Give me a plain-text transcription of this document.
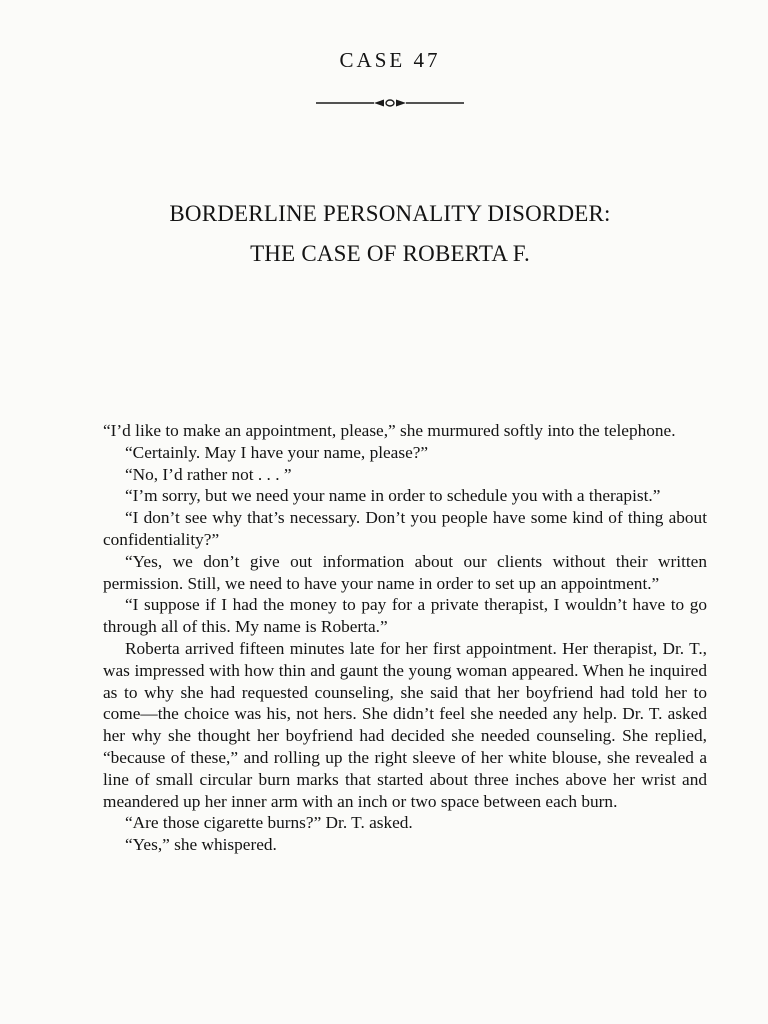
CASE 47
BORDERLINE PERSONALITY DISORDER:
THE CASE OF ROBERTA F.

“I’d like to make an appointment, please,” she murmured softly into the telephone.

“Certainly. May I have your name, please?”

“No, I’d rather not . . . ”

“I’m sorry, but we need your name in order to schedule you with a therapist.”

“I don’t see why that’s necessary. Don’t you people have some kind of thing about confidentiality?”

“Yes, we don’t give out information about our clients without their written permission. Still, we need to have your name in order to set up an appointment.”

“I suppose if I had the money to pay for a private therapist, I wouldn’t have to go through all of this. My name is Roberta.”

Roberta arrived fifteen minutes late for her first appointment. Her therapist, Dr. T., was impressed with how thin and gaunt the young woman appeared. When he inquired as to why she had requested counseling, she said that her boyfriend had told her to come—the choice was his, not hers. She didn’t feel she needed any help. Dr. T. asked her why she thought her boyfriend had decided she needed counseling. She replied, “because of these,” and rolling up the right sleeve of her white blouse, she revealed a line of small circular burn marks that started about three inches above her wrist and meandered up her inner arm with an inch or two space between each burn.

“Are those cigarette burns?” Dr. T. asked.

“Yes,” she whispered.
